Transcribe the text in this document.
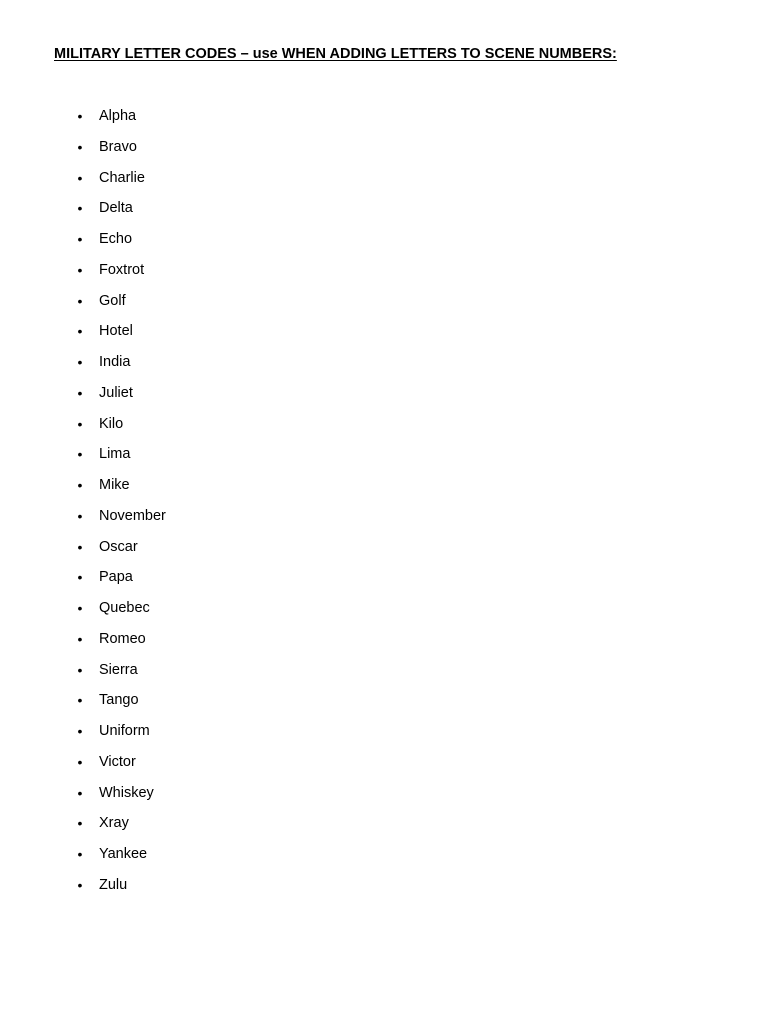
MILITARY LETTER CODES – use WHEN ADDING LETTERS TO SCENE NUMBERS:
• Alpha
• Bravo
• Charlie
• Delta
• Echo
• Foxtrot
• Golf
• Hotel
• India
• Juliet
• Kilo
• Lima
• Mike
• November
• Oscar
• Papa
• Quebec
• Romeo
• Sierra
• Tango
• Uniform
• Victor
• Whiskey
• Xray
• Yankee
• Zulu
